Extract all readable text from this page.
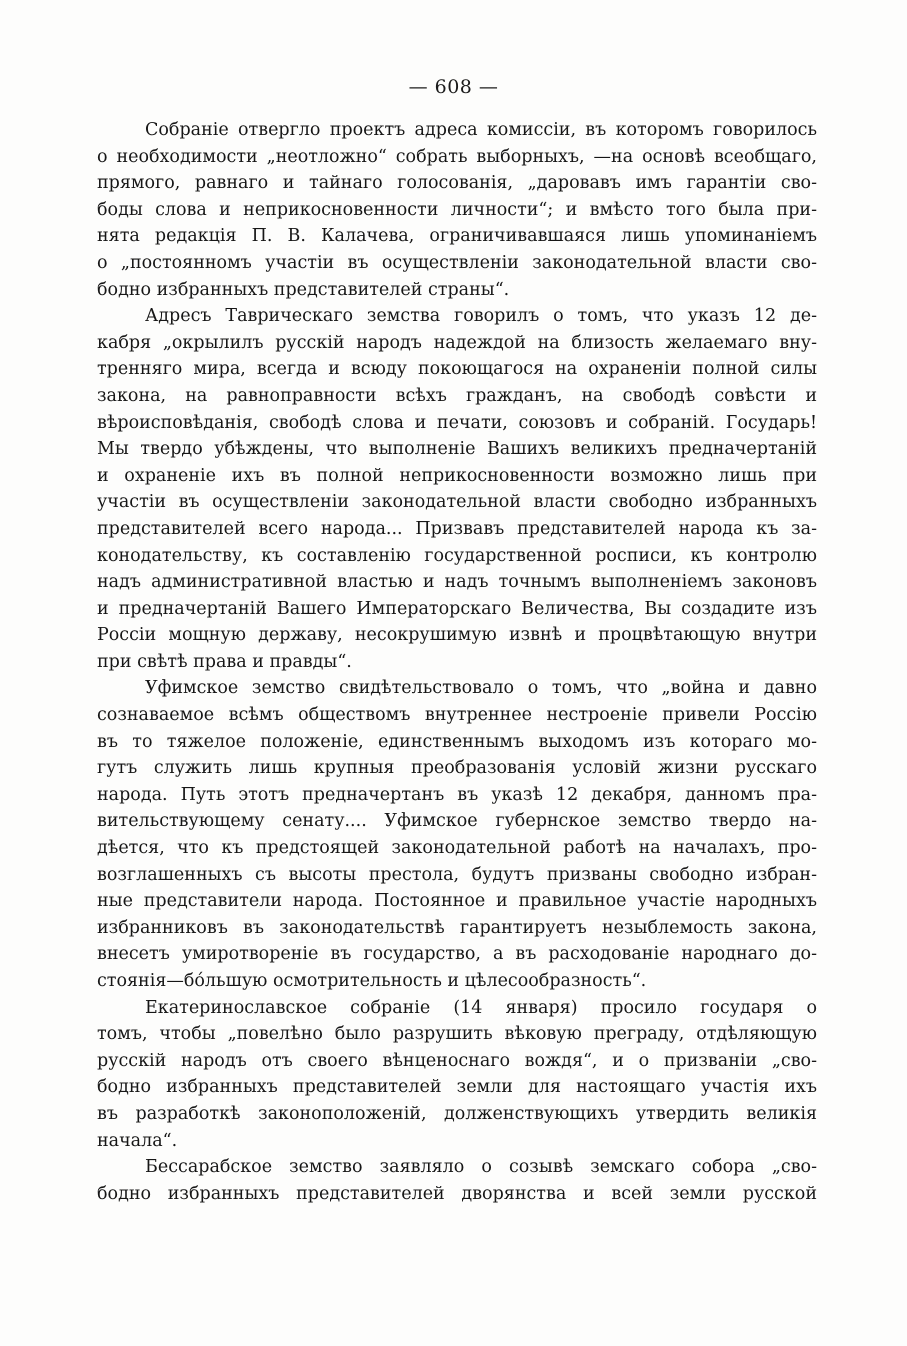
— 608 —
Собраніе отвергло проектъ адреса комиссіи, въ которомъ говорилось
о необходимости „неотложно“ собрать выборныхъ, —на основѣ всеобщаго,
прямого, равнаго и тайнаго голосованія, „даровавъ имъ гарантіи сво-
боды слова и неприкосновенности личности“; и вмѣсто того была при-
нята редакція П. В. Калачева, ограничивавшаяся лишь упоминаніемъ
о „постоянномъ участіи въ осуществленіи законодательной власти сво-
бодно избранныхъ представителей страны“.
Адресъ Таврическаго земства говорилъ о томъ, что указъ 12 де-
кабря „окрылилъ русскій народъ надеждой на близость желаемаго вну-
тренняго мира, всегда и всюду покоющагося на охраненіи полной силы
закона, на равноправности всѣхъ гражданъ, на свободѣ совѣсти и
вѣроисповѣданія, свободѣ слова и печати, союзовъ и собраній. Государь!
Мы твердо убѣждены, что выполненіе Вашихъ великихъ предначертаній
и охраненіе ихъ въ полной неприкосновенности возможно лишь при
участіи въ осуществленіи законодательной власти свободно избранныхъ
представителей всего народа... Призвавъ представителей народа къ за-
конодательству, къ составленію государственной росписи, къ контролю
надъ административной властью и надъ точнымъ выполненіемъ законовъ
и предначертаній Вашего Императорскаго Величества, Вы создадите изъ
Россіи мощную державу, несокрушимую извнѣ и процвѣтающую внутри
при свѣтѣ права и правды“.
Уфимское земство свидѣтельствовало о томъ, что „война и давно
сознаваемое всѣмъ обществомъ внутреннее нестроеніе привели Россію
въ то тяжелое положеніе, единственнымъ выходомъ изъ котораго мо-
гутъ служить лишь крупныя преобразованія условій жизни русскаго
народа. Путь этотъ предначертанъ въ указѣ 12 декабря, данномъ пра-
вительствующему сенату.... Уфимское губернское земство твердо на-
дѣется, что къ предстоящей законодательной работѣ на началахъ, про-
возглашенныхъ съ высоты престола, будутъ призваны свободно избран-
ные представители народа. Постоянное и правильное участіе народныхъ
избранниковъ въ законодательствѣ гарантируетъ незыблемость закона,
внесетъ умиротвореніе въ государство, а въ расходованіе народнаго до-
стоянія—бо́льшую осмотрительность и цѣлесообразность“.
Екатеринославское собраніе (14 января) просило государя о
томъ, чтобы „повелѣно было разрушить вѣковую преграду, отдѣляющую
русскій народъ отъ своего вѣнценоснаго вождя“, и о призваніи „сво-
бодно избранныхъ представителей земли для настоящаго участія ихъ
въ разработкѣ законоположеній, долженствующихъ утвердить великія
начала“.
Бессарабское земство заявляло о созывѣ земскаго собора „сво-
бодно избранныхъ представителей дворянства и всей земли русской
